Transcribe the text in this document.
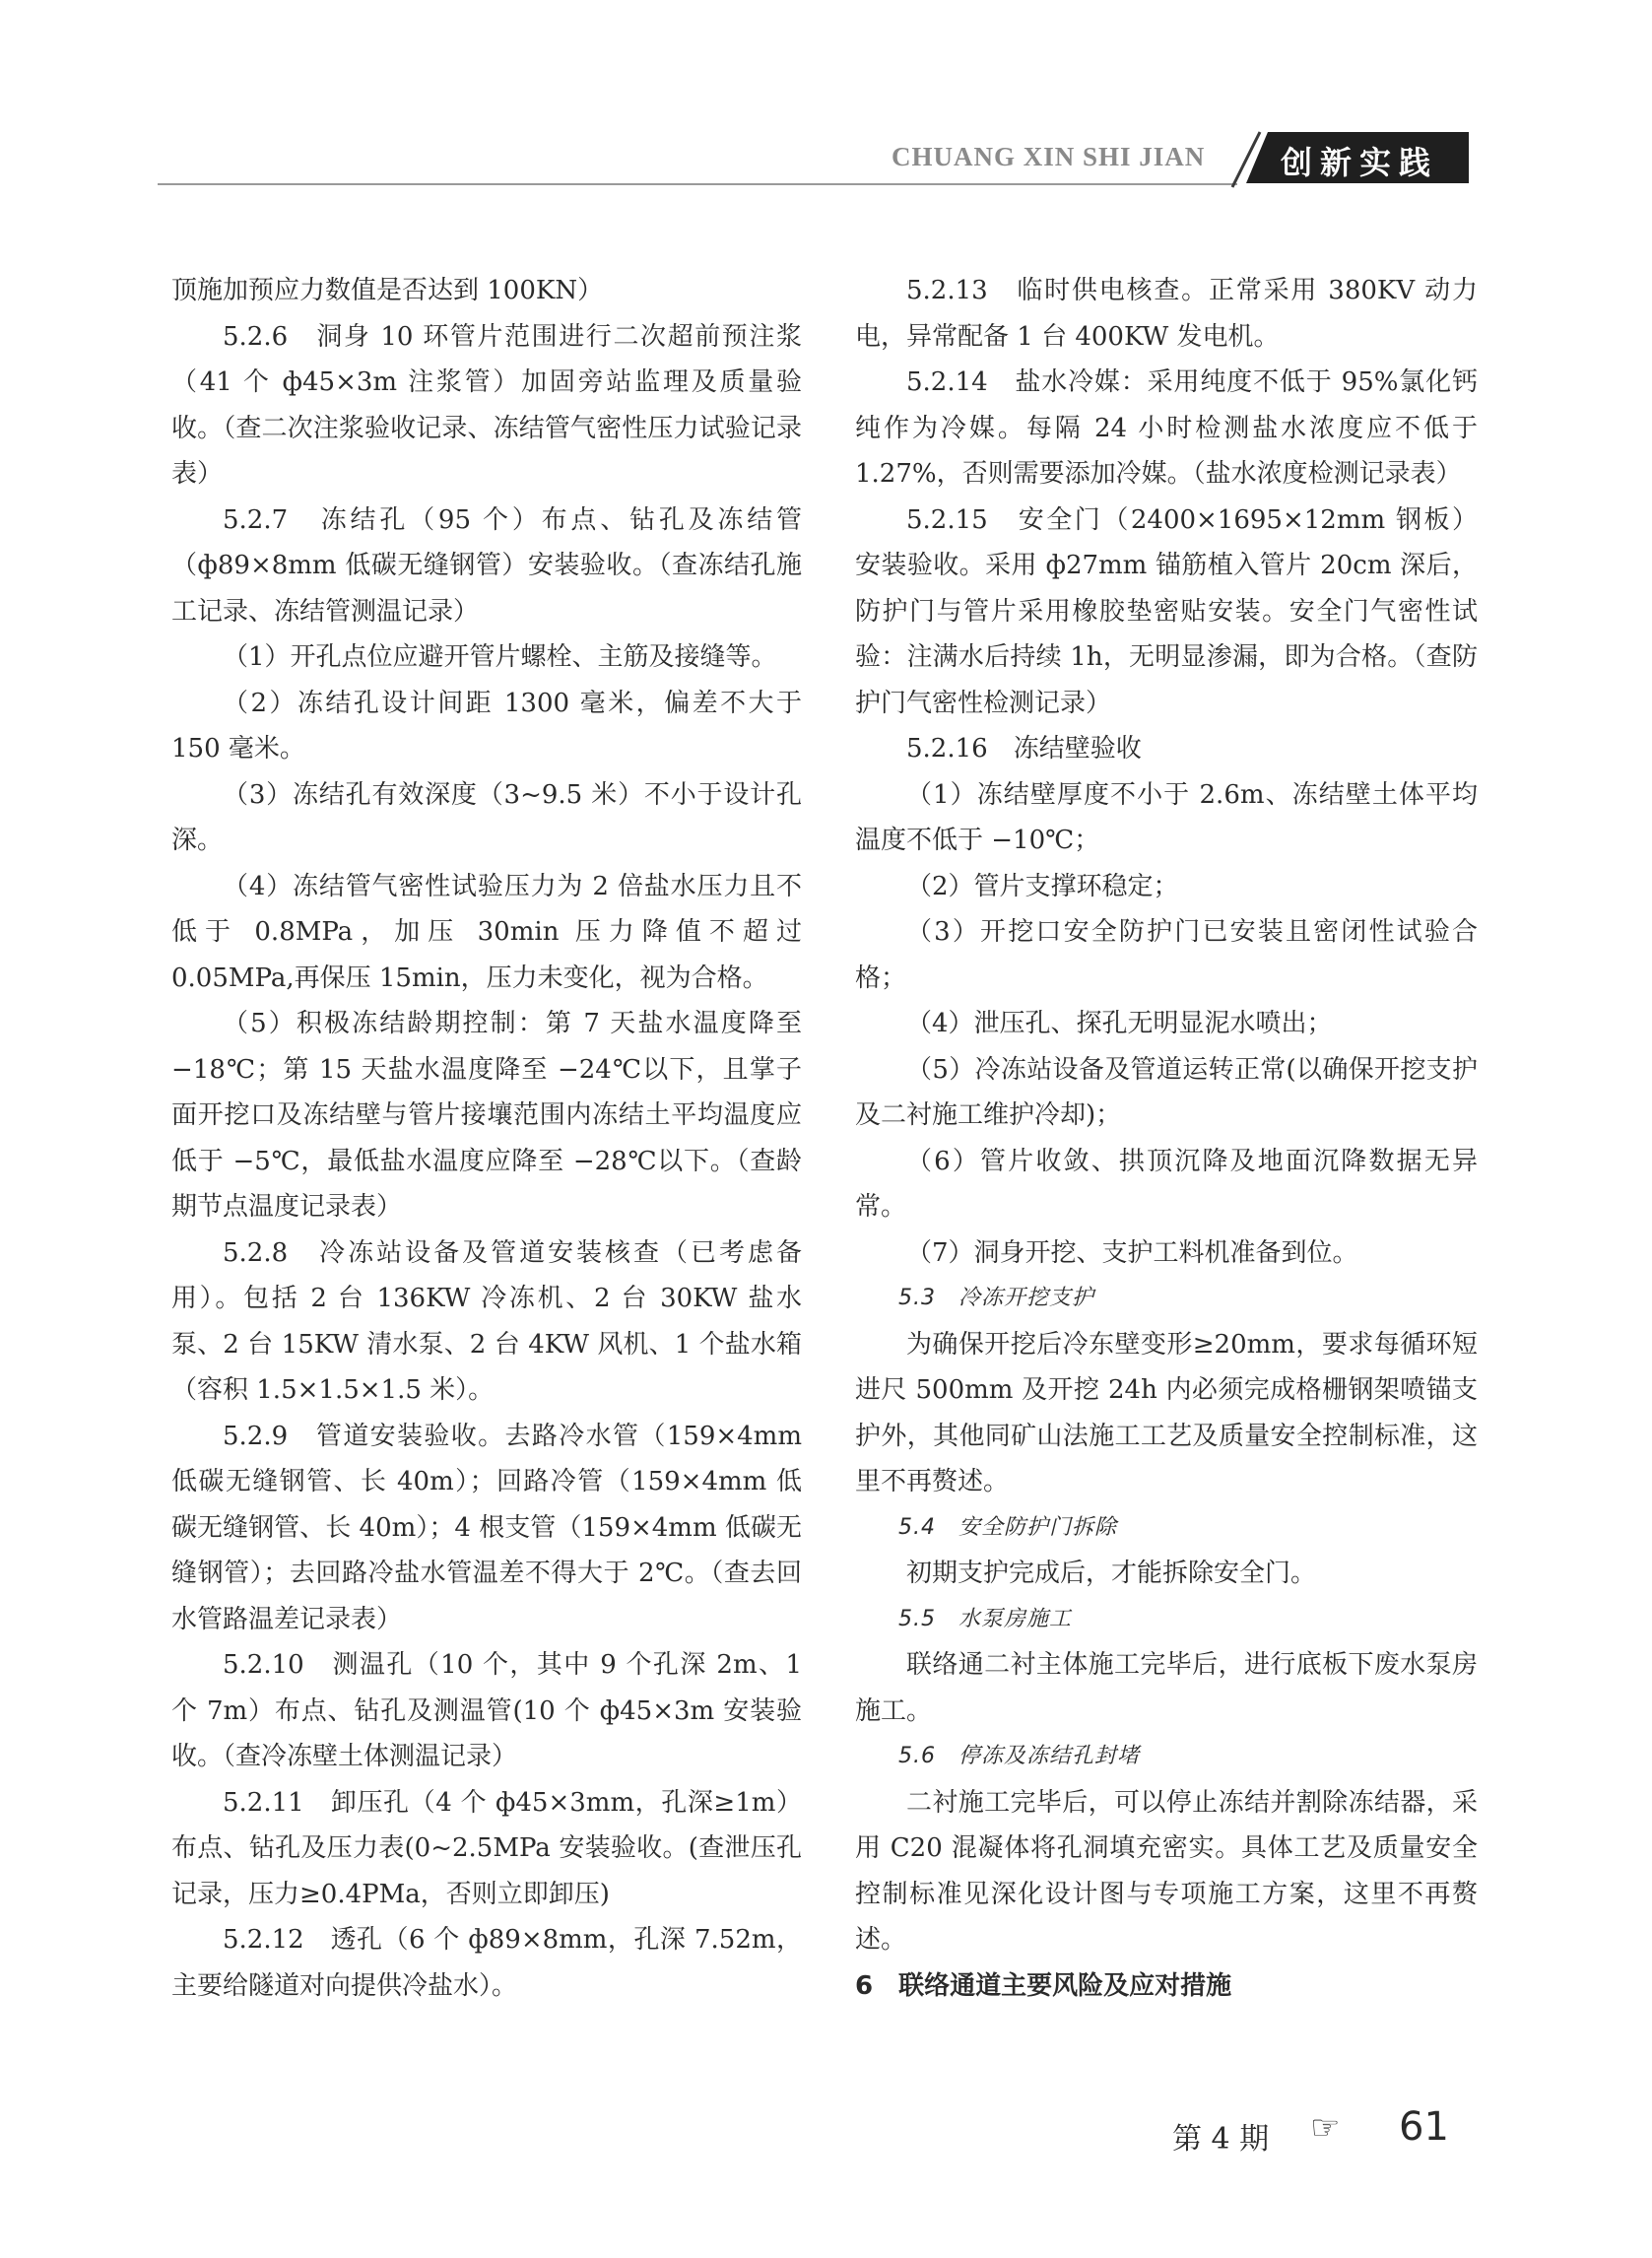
CHUANG XIN SHI JIAN 创新实践

顶施加预应力数值是否达到 100KN）

5.2.6　洞身 10 环管片范围进行二次超前预注浆（41 个 ф45×3m 注浆管）加固旁站监理及质量验收。（查二次注浆验收记录、冻结管气密性压力试验记录表）

5.2.7　冻结孔（95 个）布点、钻孔及冻结管（ф89×8mm 低碳无缝钢管）安装验收。（查冻结孔施工记录、冻结管测温记录）

（1）开孔点位应避开管片螺栓、主筋及接缝等。

（2）冻结孔设计间距 1300 毫米，偏差不大于 150 毫米。

（3）冻结孔有效深度（3~9.5 米）不小于设计孔深。

（4）冻结管气密性试验压力为 2 倍盐水压力且不低于 0.8MPa，加压 30min 压力降值不超过 0.05MPa,再保压 15min，压力未变化，视为合格。

（5）积极冻结龄期控制：第 7 天盐水温度降至 −18℃；第 15 天盐水温度降至 −24℃以下，且掌子面开挖口及冻结壁与管片接壤范围内冻结土平均温度应低于 −5℃，最低盐水温度应降至 −28℃以下。（查龄期节点温度记录表）

5.2.8　冷冻站设备及管道安装核查（已考虑备用）。包括 2 台 136KW 冷冻机、2 台 30KW 盐水泵、2 台 15KW 清水泵、2 台 4KW 风机、1 个盐水箱（容积 1.5×1.5×1.5 米）。

5.2.9　管道安装验收。去路冷水管（159×4mm 低碳无缝钢管、长 40m）；回路冷管（159×4mm 低碳无缝钢管、长 40m）；4 根支管（159×4mm 低碳无缝钢管）；去回路冷盐水管温差不得大于 2℃。（查去回水管路温差记录表）

5.2.10　测温孔（10 个，其中 9 个孔深 2m、1 个 7m）布点、钻孔及测温管(10 个 ф45×3m 安装验收。（查冷冻壁土体测温记录）

5.2.11　卸压孔（4 个 ф45×3mm，孔深≥1m）布点、钻孔及压力表(0~2.5MPa 安装验收。(查泄压孔记录，压力≥0.4PMa，否则立即卸压)

5.2.12　透孔（6 个 ф89×8mm，孔深 7.52m，主要给隧道对向提供冷盐水）。

5.2.13　临时供电核查。正常采用 380KV 动力电，异常配备 1 台 400KW 发电机。

5.2.14　盐水冷媒：采用纯度不低于 95%氯化钙纯作为冷媒。每隔 24 小时检测盐水浓度应不低于 1.27%，否则需要添加冷媒。（盐水浓度检测记录表）

5.2.15　安全门（2400×1695×12mm 钢板）安装验收。采用 ф27mm 锚筋植入管片 20cm 深后，防护门与管片采用橡胶垫密贴安装。安全门气密性试验：注满水后持续 1h，无明显渗漏，即为合格。（查防护门气密性检测记录）

5.2.16　冻结壁验收

（1）冻结壁厚度不小于 2.6m、冻结壁土体平均温度不低于 −10℃；

（2）管片支撑环稳定；

（3）开挖口安全防护门已安装且密闭性试验合格；

（4）泄压孔、探孔无明显泥水喷出；

（5）冷冻站设备及管道运转正常(以确保开挖支护及二衬施工维护冷却)；

（6）管片收敛、拱顶沉降及地面沉降数据无异常。

（7）洞身开挖、支护工料机准备到位。

5.3　冷冻开挖支护

为确保开挖后冷东壁变形≥20mm，要求每循环短进尺 500mm 及开挖 24h 内必须完成格栅钢架喷锚支护外，其他同矿山法施工工艺及质量安全控制标准，这里不再赘述。

5.4　安全防护门拆除

初期支护完成后，才能拆除安全门。

5.5　水泵房施工

联络通二衬主体施工完毕后，进行底板下废水泵房施工。

5.6　停冻及冻结孔封堵

二衬施工完毕后，可以停止冻结并割除冻结器，采用 C20 混凝体将孔洞填充密实。具体工艺及质量安全控制标准见深化设计图与专项施工方案，这里不再赘述。

6　联络通道主要风险及应对措施

第 4 期 ☞ 61
